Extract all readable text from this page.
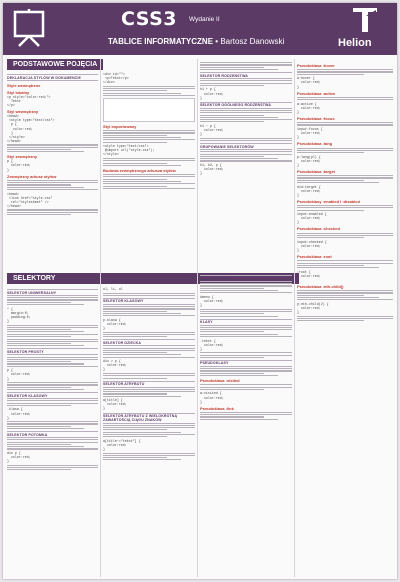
CSS3 Wydanie II
TABLICE INFORMATYCZNE • Bartosz Danowski	Helion
PODSTAWOWE POJĘCIA
SELEKTORY
DEKLARACJA STYLÓW W DOKUMENCIE
Style wewnętrzne
Styl lokalny
<p style="color:red;">
Tekst
</p>
Styl wewnętrzny
<head>
<style type="text/css">
p {
color:red;
}
</style>
</head>
Styl zewnętrzny
p {
color:red;
}
Zewnętrzny arkusz stylów
<head>
<link href="style.css"
rel="stylesheet" />
</head>
SELEKTOR UNIWERSALNY
* {
margin:0;
padding:0;
}
SELEKTOR PROSTY
p {
color:red;
}
SELEKTOR KLASOWY
.klasa {
color:red;
}
SELEKTOR POTOMKA
div p {
color:red;
}
<div id="">
<p>Tekst</p>
</div>
Styl importowany
<style type="text/css">
@import url("style.css");
</style>
Budowa zewnętrznego arkusza stylów
ul, li, ol
SELEKTOR KLASOWY
p.klasa {
color:red;
}
SELEKTOR DZIECKA
div > p {
color:red;
}
SELEKTOR ATRYBUTU
a[title] {
color:red;
}
SELEKTOR ATRYBUTU Z WIELOKROTNĄ ZAWARTOŚCIĄ CIĄGU ZNAKÓW
a[title~="tekst"] {
color:red;
}
SELEKTOR RODZEŃSTWA
h1 + p {
color:red;
}
SELEKTOR OGÓLNEGO RODZEŃSTWA
h1 ~ p {
color:red;
}
GRUPOWANIE SELEKTORÓW
h1, h2, p {
color:red;
}
IDENTYFIKATORY
#menu {
color:red;
}
KLASY
.tekst {
color:red;
}
PSEUDOKLASY
Pseudoklasa :visited
a:visited {
color:red;
}
Pseudoklasa :link
Pseudoklasa :hover
a:hover {
color:red;
}
Pseudoklasa :active
a:active {
color:red;
}
Pseudoklasa :focus
input:focus {
color:red;
}
Pseudoklasa :lang
p:lang(pl) {
color:red;
}
Pseudoklasa :target
#id:target {
color:red;
}
Pseudoklasy :enabled i :disabled
input:enabled {
color:red;
}
Pseudoklasa :checked
input:checked {
color:red;
}
Pseudoklasa :root
:root {
color:red;
}
Pseudoklasa :nth-child()
p:nth-child(2) {
color:red;
}
